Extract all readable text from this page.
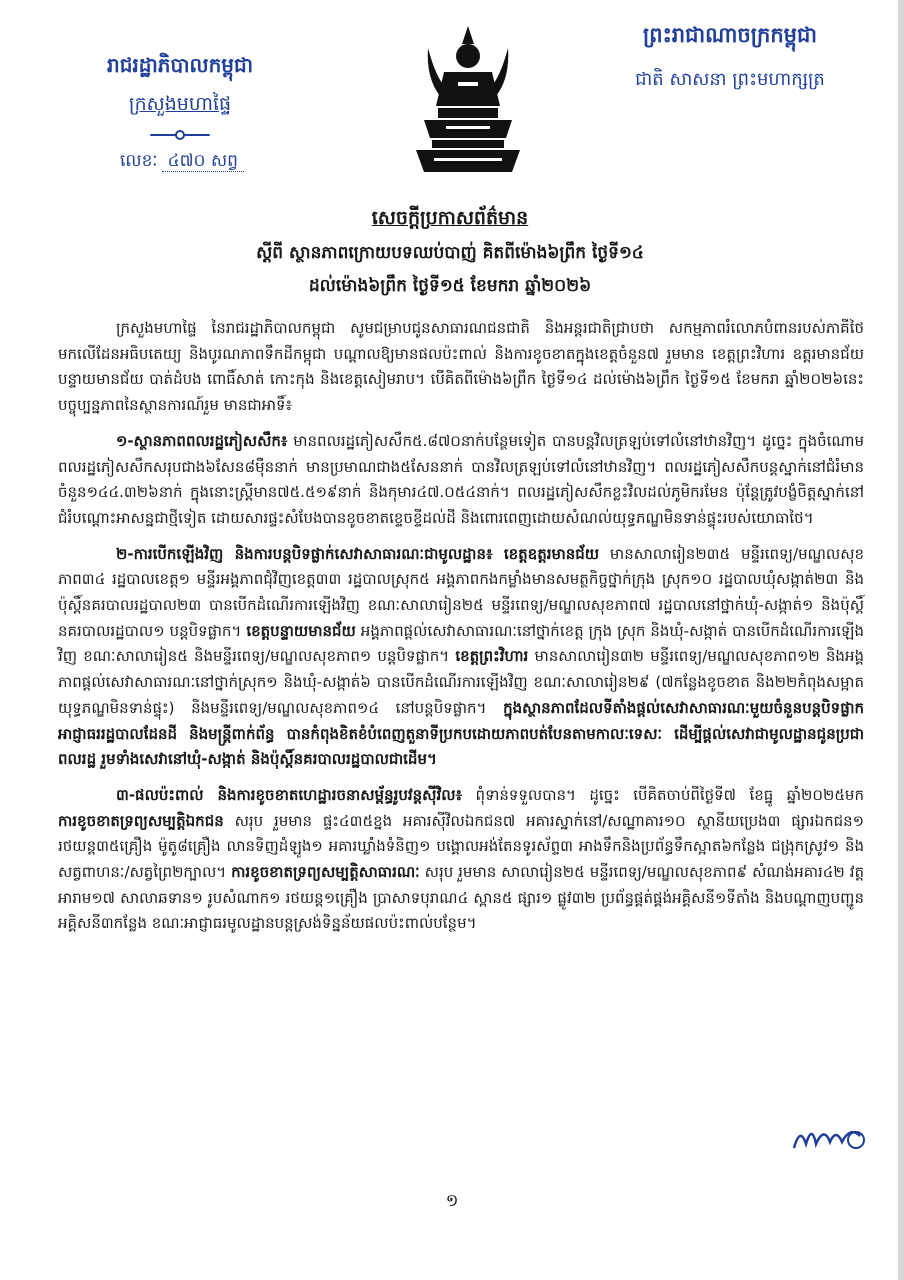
រាជរដ្ឋាភិបាលកម្ពុជា
ក្រសួងមហាផ្ទៃ
លេខៈ ៤៧០ សព្វ
ព្រះរាជាណាចក្រកម្ពុជា
ជាតិ សាសនា ព្រះមហាក្សត្រ
សេចក្តីប្រកាសព័ត៌មាន
ស្តីពី ស្ថានភាពក្រោយបទឈប់បាញ់ គិតពីម៉ោង៦ព្រឹក ថ្ងៃទី១៤
ដល់ម៉ោង៦ព្រឹក ថ្ងៃទី១៥ ខែមករា ឆ្នាំ២០២៦

ក្រសួងមហាផ្ទៃ នៃរាជរដ្ឋាភិបាលកម្ពុជា សូមជម្រាបជូនសាធារណជនជាតិ និងអន្តរជាតិជ្រាបថា សកម្មភាពរំលោភបំពានរបស់ភាគីថៃ មកលើដែនអធិបតេយ្យ និងបូរណភាពទឹកដីកម្ពុជា បណ្តាលឱ្យមានផលប៉ះពាល់ និងការខូចខាតក្នុងខេត្តចំនួន៧ រួមមាន ខេត្តព្រះវិហារ ឧត្តរមានជ័យ បន្ទាយមានជ័យ បាត់ដំបង ពោធិ៍សាត់ កោះកុង និងខេត្តសៀមរាប។ បើគិតពីម៉ោង៦ព្រឹក ថ្ងៃទី១៤ ដល់ម៉ោង៦ព្រឹក ថ្ងៃទី១៥ ខែមករា ឆ្នាំ២០២៦នេះ បច្ចុប្បន្នភាពនៃស្ថានការណ៍រួម មានជាអាទិ៍៖

១-ស្ថានភាពពលរដ្ឋភៀសសឹក៖ មានពលរដ្ឋភៀសសឹក៥.៨៧០នាក់បន្ថែមទៀត បានបន្តវិលត្រឡប់ទៅលំនៅឋានវិញ។ ដូច្នេះ ក្នុងចំណោមពលរដ្ឋភៀសសឹកសរុបជាង៦សែន៨ម៉ឺននាក់ មានប្រមាណជាង៥សែននាក់ បានវិលត្រឡប់ទៅលំនៅឋានវិញ។ ពលរដ្ឋភៀសសឹកបន្តស្នាក់នៅជំរំមានចំនួន១៤៤.៣២៦នាក់ ក្នុងនោះស្ត្រីមាន៧៥.៥១៩នាក់ និងកុមារ៤៧.០៥៤នាក់។ ពលរដ្ឋភៀសសឹកខ្លះវិលដល់ភូមិករមែន ប៉ុន្តែត្រូវបង្ខំចិត្តស្នាក់នៅជំរំបណ្តោះអាសន្នជាថ្មីទៀត ដោយសារផ្ទះសំបែងបានខូចខាតខ្ទេចខ្ទីដល់ដី និងពោរពេញដោយសំណល់យុទ្ធភណ្ឌមិនទាន់ផ្ទុះរបស់យោធាថៃ។

២-ការបើកឡើងវិញ និងការបន្តបិទផ្លាក់សេវាសាធារណៈជាមូលដ្ឋាន៖ ខេត្តឧត្តរមានជ័យ មានសាលារៀន២៣៥ មន្ទីរពេទ្យ/មណ្ឌលសុខភាព៣៤ រដ្ឋបាលខេត្ត១ មន្ទីរអង្គភាពជុំវិញខេត្ត៣៣ រដ្ឋបាលស្រុក៥ អង្គភាពកងកម្លាំងមានសមត្ថកិច្ចថ្នាក់ក្រុង ស្រុក១០ រដ្ឋបាលឃុំសង្កាត់២៣ និងប៉ុស្តិ៍នគរបាលរដ្ឋបាល២៣ បានបើកដំណើរការឡើងវិញ ខណៈសាលារៀន២៥ មន្ទីរពេទ្យ/មណ្ឌលសុខភាព៧ រដ្ឋបាលនៅថ្នាក់ឃុំ-សង្កាត់១ និងប៉ុស្តិ៍នគរបាលរដ្ឋបាល១ បន្តបិទផ្លាក។ ខេត្តបន្ទាយមានជ័យ អង្គភាពផ្តល់សេវាសាធារណៈនៅថ្នាក់ខេត្ត ក្រុង ស្រុក និងឃុំ-សង្កាត់ បានបើកដំណើរការឡើងវិញ ខណៈសាលារៀន៥ និងមន្ទីរពេទ្យ/មណ្ឌលសុខភាព១ បន្តបិទផ្លាក។ ខេត្តព្រះវិហារ មានសាលារៀន៣២ មន្ទីរពេទ្យ/មណ្ឌលសុខភាព១២ និងអង្គភាពផ្តល់សេវាសាធារណៈនៅថ្នាក់ស្រុក១ និងឃុំ-សង្កាត់៦ បានបើកដំណើរការឡើងវិញ ខណៈសាលារៀន២៩ (៧កន្លែងខូចខាត និង២២កំពុងសម្អាតយុទ្ធភណ្ឌមិនទាន់ផ្ទុះ) និងមន្ទីរពេទ្យ/មណ្ឌលសុខភាព១៤ នៅបន្តបិទផ្លាក។ ក្នុងស្ថានភាពដែលទីតាំងផ្តល់សេវាសាធារណៈមួយចំនួនបន្តបិទផ្លាក អាជ្ញាធររដ្ឋបាលដែនដី និងមន្ត្រីពាក់ព័ន្ធ បានកំពុងខិតខំបំពេញតួនាទីប្រកបដោយភាពបត់បែនតាមកាលៈទេសៈ ដើម្បីផ្តល់សេវាជាមូលដ្ឋានជូនប្រជាពលរដ្ឋ រួមទាំងសេវានៅឃុំ-សង្កាត់ និងប៉ុស្តិ៍នគរបាលរដ្ឋបាលជាដើម។

៣-ផលប៉ះពាល់ និងការខូចខាតហេដ្ឋារចនាសម្ព័ន្ធរូបវន្តស៊ីវិល៖ ពុំទាន់ទទួលបាន។ ដូច្នេះ បើគិតចាប់ពីថ្ងៃទី៧ ខែធ្នូ ឆ្នាំ២០២៥មក ការខូចខាតទ្រព្យសម្បត្តិឯកជន សរុប រួមមាន ផ្ទះ៤៣៥ខ្នង អគារស៊ីវិលឯកជន៧ អគារស្នាក់នៅ/សណ្ឋាគារ១០ ស្ថានីយប្រេង៣ ផ្សារឯកជន១ រថយន្ត៣៥គ្រឿង ម៉ូតូ៨គ្រឿង លានទិញដំឡូង១ អគារឃ្លាំងទំនិញ១ បង្គោលអង់តែនទូរស័ព្ទ៣ អាងទឹកនិងប្រព័ន្ធទឹកស្អាត៦កន្លែង ជង្រុកស្រូវ១ និងសត្វពាហនៈ/សត្វព្រៃ២ក្បាល។ ការខូចខាតទ្រព្យសម្បត្តិសាធារណៈ សរុប រួមមាន សាលារៀន២៥ មន្ទីរពេទ្យ/មណ្ឌលសុខភាព៩ សំណង់អគារ៤២ វត្តអារាម១៧ សាលាឆទាន១ រូបសំណាក១ រថយន្ត១គ្រឿង ប្រាសាទបុរាណ៤ ស្ពាន៥ ផ្សារ១ ផ្លូវ៣២ ប្រព័ន្ធផ្គត់ផ្គង់អគ្គិសនី១ទីតាំង និងបណ្តាញបញ្ជូនអគ្គិសនី៣កន្លែង ខណៈអាជ្ញាធរមូលដ្ឋានបន្តស្រង់ទិន្នន័យផលប៉ះពាល់បន្ថែម។

១
